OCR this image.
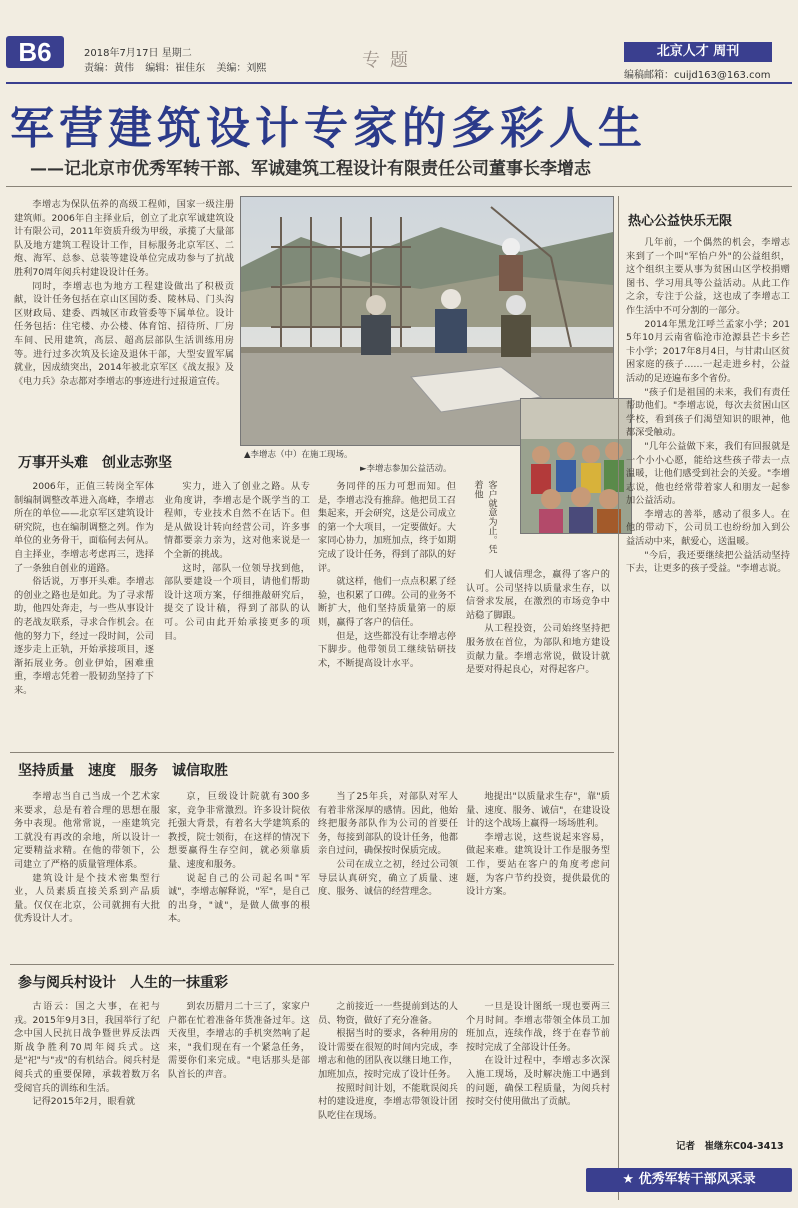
B6	2018年7月17日 星期二
责编：黄伟 编辑：崔佳东 美编：刘熙	专题	北京人才 周刊
编稿邮箱：cuijd163@163.com
军营建筑设计专家的多彩人生
——记北京市优秀军转干部、军诚建筑工程设计有限责任公司董事长李增志
李增志为保队伍养的高级工程师，国家一级注册建筑师。2006年自主择业后，创立了北京军诚建筑设计有限公司，2011年资质升级为甲级，承揽了大量部队及地方建筑工程设计工作，目标服务北京军区、二炮、海军、总参、总装等建设单位完成功参与了抗战胜利70周年阅兵村建设设计任务。
同时，李增志也为地方工程建设做出了积极贡献，设计任务包括在京山区国防委、陵林局、门头沟区财政局、建委、西城区市政管委等下属单位。设计任务包括：住宅楼、办公楼、体育馆、招待所、厂房车间、民用建筑，高层、超高层部队生活训练用房等。进行过多次筑及长途及退休干部，大型安置军属就业，因成绩突出，2014年被北京军区《战友报》及《电力兵》杂志都对李增志的事迹进行过报道宣传。
▲李增志（中）在施工现场。
►李增志参加公益活动。
万事开头难　创业志弥坚
2006年，正值三转岗全军体制编制调整改革进入高峰，李增志所在的单位——北京军区建筑设计研究院，也在编制调整之列。作为单位的业务骨干，面临何去何从。自主择业，李增志考虑再三，选择了一条独自创业的道路。
俗话说，万事开头难。李增志的创业之路也是如此。为了寻求帮助，他四处奔走，与一些从事设计的老战友联系，寻求合作机会。在他的努力下，经过一段时间，公司逐步走上正轨，开始承接项目，逐渐拓展业务。创业伊始，困难重重，李增志凭着一股韧劲坚持了下来。
实力，进入了创业之路。从专业角度讲，李增志是个既学当的工程师，专业技术自然不在话下。但是从做设计转向经营公司，许多事情都要亲力亲为，这对他来说是一个全新的挑战。
这时，部队一位领导找到他，部队要建设一个项目，请他们帮助设计这项方案，仔细推敲研究后，提交了设计稿，得到了部队的认可。公司由此开始承接更多的项目。
务同伴的压力可想而知。但是，李增志没有推辞。他把员工召集起来，开会研究，这是公司成立的第一个大项目，一定要做好。大家同心协力，加班加点，终于如期完成了设计任务，得到了部队的好评。
就这样，他们一点点积累了经验，也积累了口碑。公司的业务不断扩大，他们坚持质量第一的原则，赢得了客户的信任。
但是，这些都没有让李增志停下脚步。他带领员工继续钻研技术，不断提高设计水平。
客户就意为止。凭着他
们人诚信理念，赢得了客户的认可。公司坚持以质量求生存，以信誉求发展，在激烈的市场竞争中站稳了脚跟。
从工程投资，公司始终坚持把服务放在首位，为部队和地方建设贡献力量。李增志常说，做设计就是要对得起良心，对得起客户。
坚持质量　速度　服务　诚信取胜
李增志当自己当成一个艺术家来要求，总是有着合理的思想在服务中表现。他常常说，一座建筑完工就没有再改的余地，所以设计一定要精益求精。在他的带领下，公司建立了严格的质量管理体系。
建筑设计是个技术密集型行业，人员素质直接关系到产品质量。仅仅在北京，公司就拥有大批优秀设计人才。
京，巨级设计院就有300多家，竞争非常激烈。许多设计院依托强大背景，有着名大学建筑系的教授，院士领衔，在这样的情况下想要赢得生存空间，就必须靠质量、速度和服务。
说起自己的公司起名叫"军诚"，李增志解释说，"军"，是自己的出身，"诚"，是做人做事的根本。
当了25年兵，对部队对军人有着非常深厚的感情。因此，他始终把服务部队作为公司的首要任务，每接到部队的设计任务，他都亲自过问，确保按时保质完成。
公司在成立之初，经过公司领导层认真研究，确立了质量、速度、服务、诚信的经营理念。
地提出"以质量求生存"，靠"质量、速度、服务、诚信"，在建设设计的这个战场上赢得一场场胜利。
李增志说，这些说起来容易，做起来难。建筑设计工作是服务型工作，要站在客户的角度考虑问题，为客户节约投资，提供最优的设计方案。
参与阅兵村设计　人生的一抹重彩
古语云：国之大事，在祀与戎。2015年9月3日，我国举行了纪念中国人民抗日战争暨世界反法西斯战争胜利70周年阅兵式。这是"祀"与"戎"的有机结合。阅兵村是阅兵式的重要保障，承载着数万名受阅官兵的训练和生活。
记得2015年2月，眼看就
到农历腊月二十三了，家家户户都在忙着准备年货准备过年。这天夜里，李增志的手机突然响了起来，"我们现在有一个紧急任务，需要你们来完成。"电话那头是部队首长的声音。
之前接近一一些提前到达的人员、物资，做好了充分准备。
根据当时的要求，各种用房的设计需要在很短的时间内完成，李增志和他的团队夜以继日地工作，加班加点，按时完成了设计任务。
按照时间计划，不能耽误阅兵村的建设进度，李增志带领设计团队吃住在现场。
一旦是设计图纸一现也要两三个月时间。李增志带领全体员工加班加点，连续作战，终于在春节前按时完成了全部设计任务。
在设计过程中，李增志多次深入施工现场，及时解决施工中遇到的问题，确保工程质量，为阅兵村按时交付使用做出了贡献。
热心公益快乐无限
几年前，一个偶然的机会，李增志来到了一个叫"军怡户外"的公益组织，这个组织主要从事为贫困山区学校捐赠图书、学习用具等公益活动。从此工作之余，专注于公益，这也成了李增志工作生活中不可分割的一部分。
2014年黑龙江呼兰孟家小学；2015年10月云南省临沧市沧源县芒卡乡芒卡小学；2017年8月4日，与甘肃山区贫困家庭的孩子……一起走进乡村，公益活动的足迹遍布多个省份。
"孩子们是祖国的未来，我们有责任帮助他们。"李增志说，每次去贫困山区学校，看到孩子们渴望知识的眼神，他都深受触动。
"几年公益做下来，我们有回报就是一个小小心愿，能给这些孩子带去一点温暖，让他们感受到社会的关爱。"李增志说，他也经常带着家人和朋友一起参加公益活动。
李增志的善举，感动了很多人。在他的带动下，公司员工也纷纷加入到公益活动中来，献爱心，送温暖。
"今后，我还要继续把公益活动坚持下去，让更多的孩子受益。"李增志说。
记者　崔继东C04-3413
★ 优秀军转干部风采录
